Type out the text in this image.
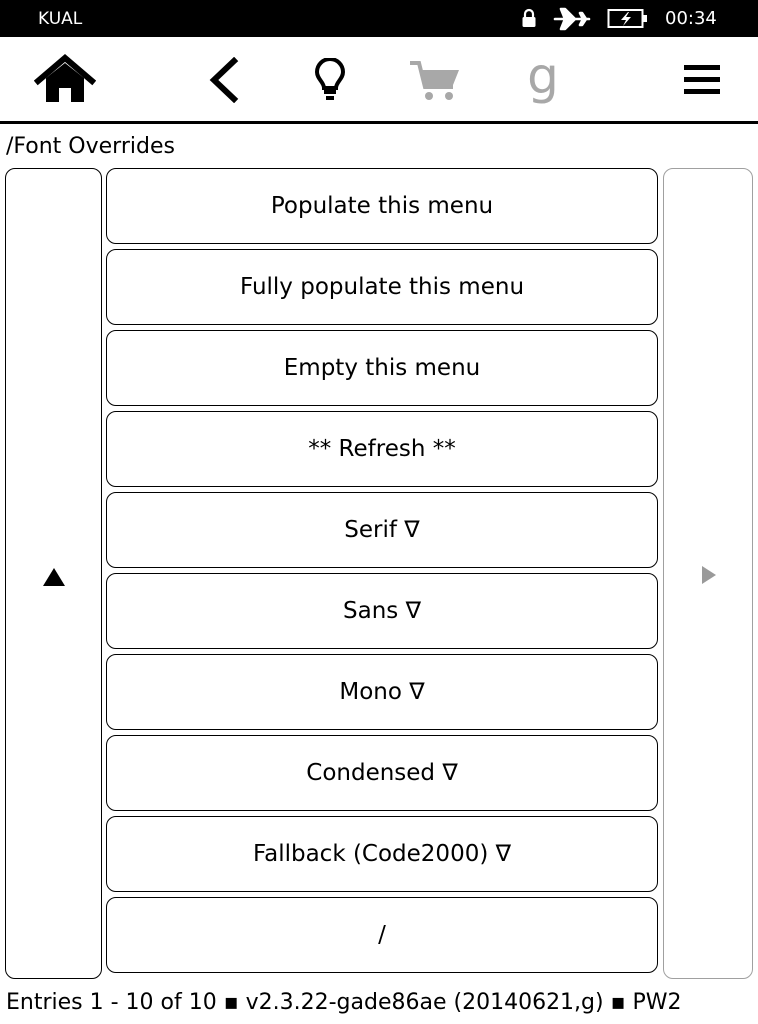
KUAL	00:34
g
/Font Overrides
Populate this menu
Fully populate this menu
Empty this menu
** Refresh **
Serif ∇
Sans ∇
Mono ∇
Condensed ∇
Fallback (Code2000) ∇
/
Entries 1 - 10 of 10 ▪ v2.3.22-gade86ae (20140621,g) ▪ PW2
